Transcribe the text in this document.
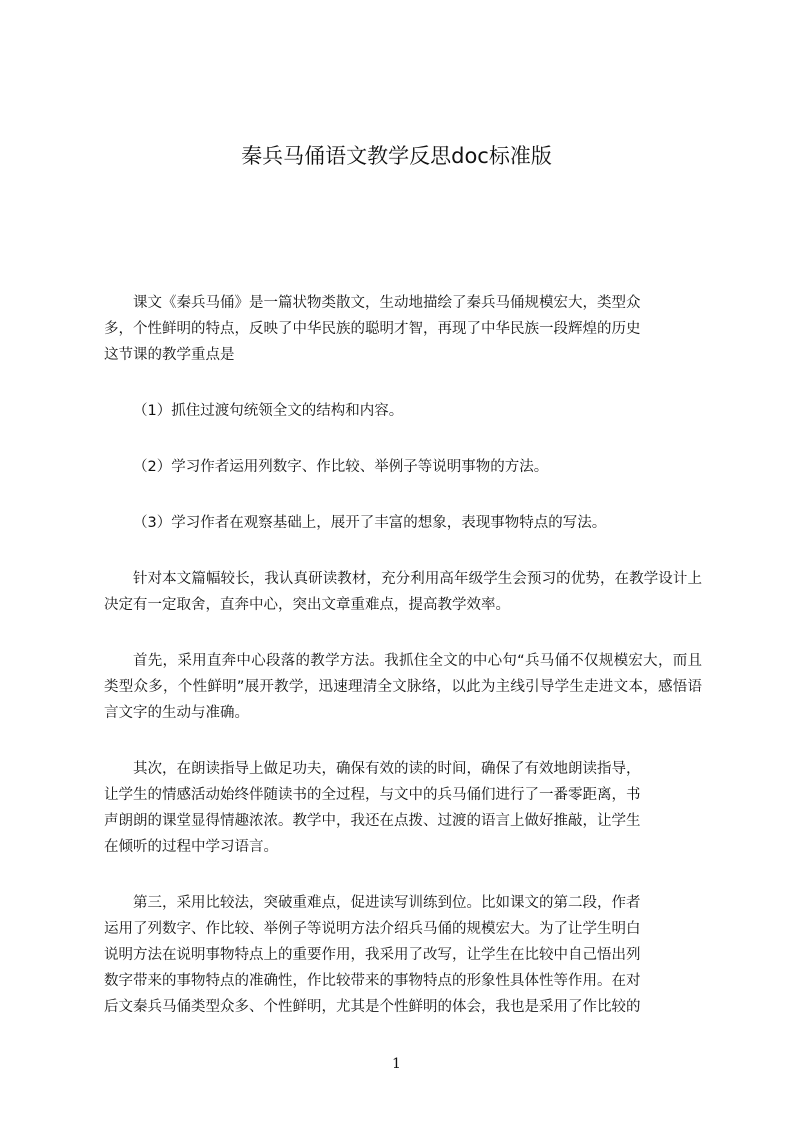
秦兵马俑语文教学反思doc标准版
课文《秦兵马俑》是一篇状物类散文，生动地描绘了秦兵马俑规模宏大，类型众
多，个性鲜明的特点，反映了中华民族的聪明才智，再现了中华民族一段辉煌的历史
这节课的教学重点是
（1）抓住过渡句统领全文的结构和内容。
（2）学习作者运用列数字、作比较、举例子等说明事物的方法。
（3）学习作者在观察基础上，展开了丰富的想象，表现事物特点的写法。
针对本文篇幅较长，我认真研读教材，充分利用高年级学生会预习的优势，在教学设计上决定有一定取舍，直奔中心，突出文章重难点，提高教学效率。
首先，采用直奔中心段落的教学方法。我抓住全文的中心句“兵马俑不仅规模宏大，而且类型众多，个性鲜明”展开教学，迅速理清全文脉络，以此为主线引导学生走进文本，感悟语言文字的生动与准确。
其次，在朗读指导上做足功夫，确保有效的读的时间，确保了有效地朗读指导，
让学生的情感活动始终伴随读书的全过程，与文中的兵马俑们进行了一番零距离，书
声朗朗的课堂显得情趣浓浓。教学中，我还在点拨、过渡的语言上做好推敲，让学生
在倾听的过程中学习语言。
第三，采用比较法，突破重难点，促进读写训练到位。比如课文的第二段，作者
运用了列数字、作比较、举例子等说明方法介绍兵马俑的规模宏大。为了让学生明白
说明方法在说明事物特点上的重要作用，我采用了改写，让学生在比较中自己悟出列
数字带来的事物特点的准确性，作比较带来的事物特点的形象性具体性等作用。在对
后文秦兵马俑类型众多、个性鲜明，尤其是个性鲜明的体会，我也是采用了作比较的
1
